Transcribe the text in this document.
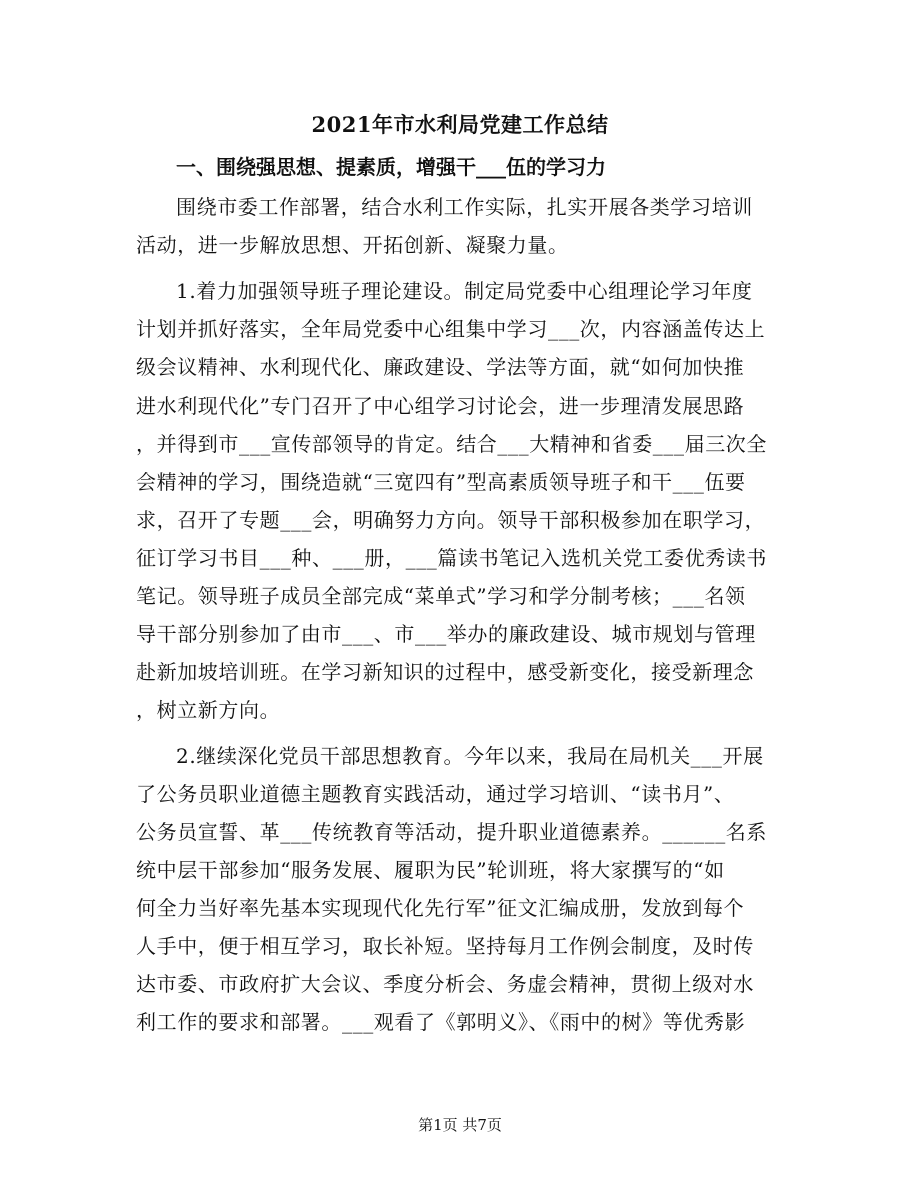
2021年市水利局党建工作总结
一、围绕强思想、提素质，增强干___伍的学习力
围绕市委工作部署，结合水利工作实际，扎实开展各类学习培训
活动，进一步解放思想、开拓创新、凝聚力量。
1.着力加强领导班子理论建设。制定局党委中心组理论学习年度
计划并抓好落实，全年局党委中心组集中学习___次，内容涵盖传达上
级会议精神、水利现代化、廉政建设、学法等方面，就“如何加快推
进水利现代化”专门召开了中心组学习讨论会，进一步理清发展思路
，并得到市___宣传部领导的肯定。结合___大精神和省委___届三次全
会精神的学习，围绕造就“三宽四有”型高素质领导班子和干___伍要
求，召开了专题___会，明确努力方向。领导干部积极参加在职学习，
征订学习书目___种、___册，___篇读书笔记入选机关党工委优秀读书
笔记。领导班子成员全部完成“菜单式”学习和学分制考核；___名领
导干部分别参加了由市___、市___举办的廉政建设、城市规划与管理
赴新加坡培训班。在学习新知识的过程中，感受新变化，接受新理念
，树立新方向。
2.继续深化党员干部思想教育。今年以来，我局在局机关___开展
了公务员职业道德主题教育实践活动，通过学习培训、“读书月”、
公务员宣誓、革___传统教育等活动，提升职业道德素养。______名系
统中层干部参加“服务发展、履职为民”轮训班，将大家撰写的“如
何全力当好率先基本实现现代化先行军”征文汇编成册，发放到每个
人手中，便于相互学习，取长补短。坚持每月工作例会制度，及时传
达市委、市政府扩大会议、季度分析会、务虚会精神，贯彻上级对水
利工作的要求和部署。___观看了《郭明义》、《雨中的树》等优秀影
第1页 共7页
